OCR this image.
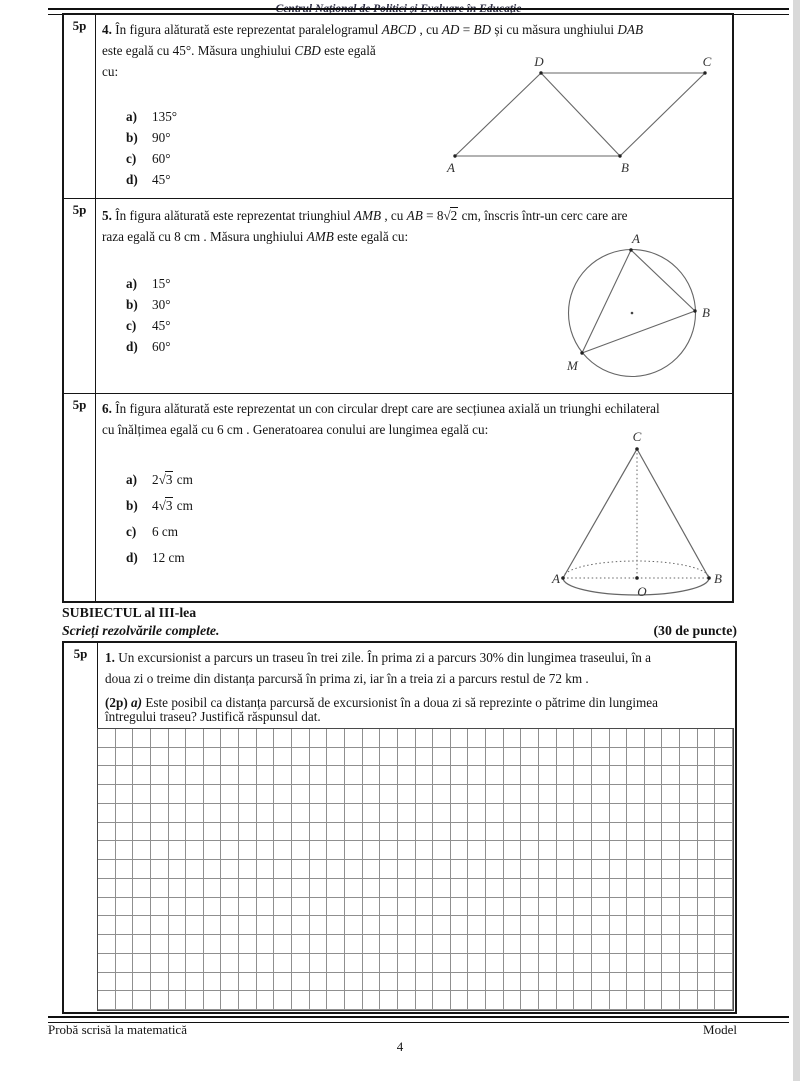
Centrul Național de Politici și Evaluare în Educație
5p	4. În figura alăturată este reprezentat paralelogramul ABCD , cu AD = BD și cu măsura unghiului DAB
este egală cu 45°. Măsura unghiului CBD este egală
cu:
a) 135°
b) 90°
c) 60°
d) 45°
5p	5. În figura alăturată este reprezentat triunghiul AMB , cu AB = 8√2 cm, înscris într-un cerc care are
raza egală cu 8 cm . Măsura unghiului AMB este egală cu:
a) 15°
b) 30°
c) 45°
d) 60°
5p	6. În figura alăturată este reprezentat un con circular drept care are secțiunea axială un triunghi echilateral
cu înălțimea egală cu 6 cm . Generatoarea conului are lungimea egală cu:
a) 2√3 cm
b) 4√3 cm
c) 6 cm
d) 12 cm
D	C
A	B
A
B
M
C
A	B
O
SUBIECTUL al III-lea
Scrieți rezolvările complete.	(30 de puncte)
5p	1. Un excursionist a parcurs un traseu în trei zile. În prima zi a parcurs 30% din lungimea traseului, în a
doua zi o treime din distanța parcursă în prima zi, iar în a treia zi a parcurs restul de 72 km .
(2p) a) Este posibil ca distanța parcursă de excursionist în a doua zi să reprezinte o pătrime din lungimea
întregului traseu? Justifică răspunsul dat.
Probă scrisă la matematică	Model
4
